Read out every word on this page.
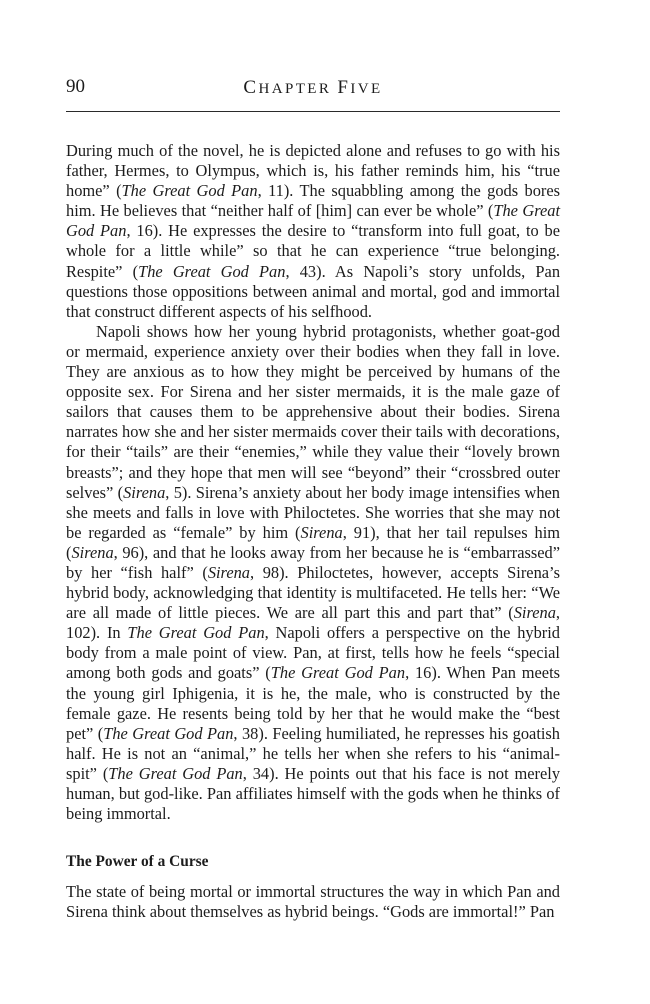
90	CHAPTER FIVE

During much of the novel, he is depicted alone and refuses to go with his father, Hermes, to Olympus, which is, his father reminds him, his “true home” (The Great God Pan, 11). The squabbling among the gods bores him. He believes that “neither half of [him] can ever be whole” (The Great God Pan, 16). He expresses the desire to “transform into full goat, to be whole for a little while” so that he can experience “true belonging. Respite” (The Great God Pan, 43). As Napoli’s story unfolds, Pan questions those oppositions between animal and mortal, god and immortal that construct different aspects of his selfhood.

Napoli shows how her young hybrid protagonists, whether goat-god or mermaid, experience anxiety over their bodies when they fall in love. They are anxious as to how they might be perceived by humans of the opposite sex. For Sirena and her sister mermaids, it is the male gaze of sailors that causes them to be apprehensive about their bodies. Sirena narrates how she and her sister mermaids cover their tails with decorations, for their “tails” are their “enemies,” while they value their “lovely brown breasts”; and they hope that men will see “beyond” their “crossbred outer selves” (Sirena, 5). Sirena’s anxiety about her body image intensifies when she meets and falls in love with Philoctetes. She worries that she may not be regarded as “female” by him (Sirena, 91), that her tail repulses him (Sirena, 96), and that he looks away from her because he is “embarrassed” by her “fish half” (Sirena, 98). Philoctetes, however, accepts Sirena’s hybrid body, acknowledging that identity is multifaceted. He tells her: “We are all made of little pieces. We are all part this and part that” (Sirena, 102). In The Great God Pan, Napoli offers a perspective on the hybrid body from a male point of view. Pan, at first, tells how he feels “special among both gods and goats” (The Great God Pan, 16). When Pan meets the young girl Iphigenia, it is he, the male, who is constructed by the female gaze. He resents being told by her that he would make the “best pet” (The Great God Pan, 38). Feeling humiliated, he represses his goatish half. He is not an “animal,” he tells her when she refers to his “animal-spit” (The Great God Pan, 34). He points out that his face is not merely human, but god-like. Pan affiliates himself with the gods when he thinks of being immortal.

The Power of a Curse

The state of being mortal or immortal structures the way in which Pan and Sirena think about themselves as hybrid beings. “Gods are immortal!” Pan
